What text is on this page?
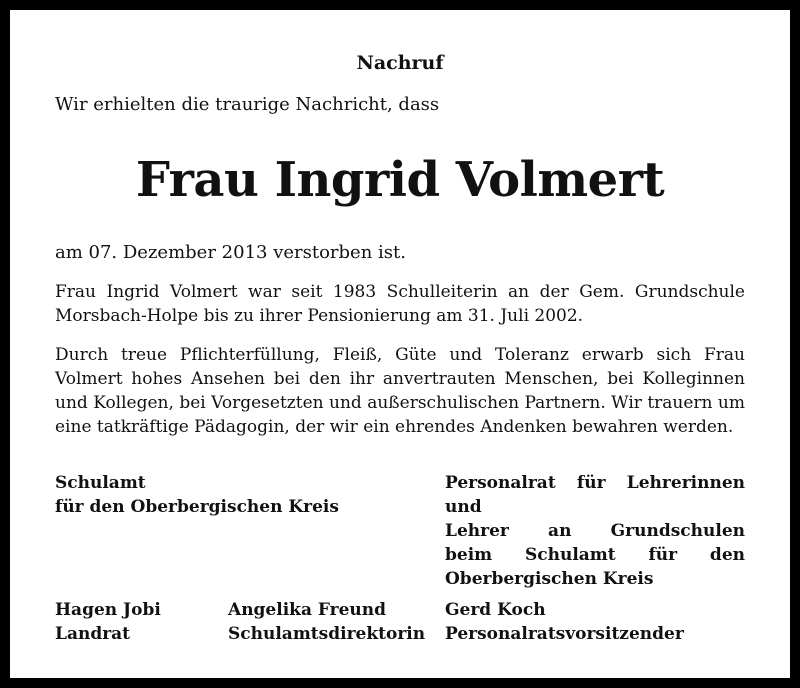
Nachruf
Wir erhielten die traurige Nachricht, dass
Frau Ingrid Volmert
am 07. Dezember 2013 verstorben ist.
Frau Ingrid Volmert war seit 1983 Schulleiterin an der Gem. Grundschule Morsbach-Holpe bis zu ihrer Pensionierung am 31. Juli 2002.
Durch treue Pflichterfüllung, Fleiß, Güte und Toleranz erwarb sich Frau Volmert hohes Ansehen bei den ihr anvertrauten Menschen, bei Kolleginnen und Kollegen, bei Vorgesetzten und außerschulischen Partnern. Wir trauern um eine tatkräftige Pädagogin, der wir ein ehrendes Andenken bewahren werden.
Schulamt
für den Oberbergischen Kreis
Personalrat für Lehrerinnen und
Lehrer an Grundschulen
beim Schulamt für den
Oberbergischen Kreis
Hagen Jobi
Landrat
Angelika Freund
Schulamtsdirektorin
Gerd Koch
Personalratsvorsitzender
